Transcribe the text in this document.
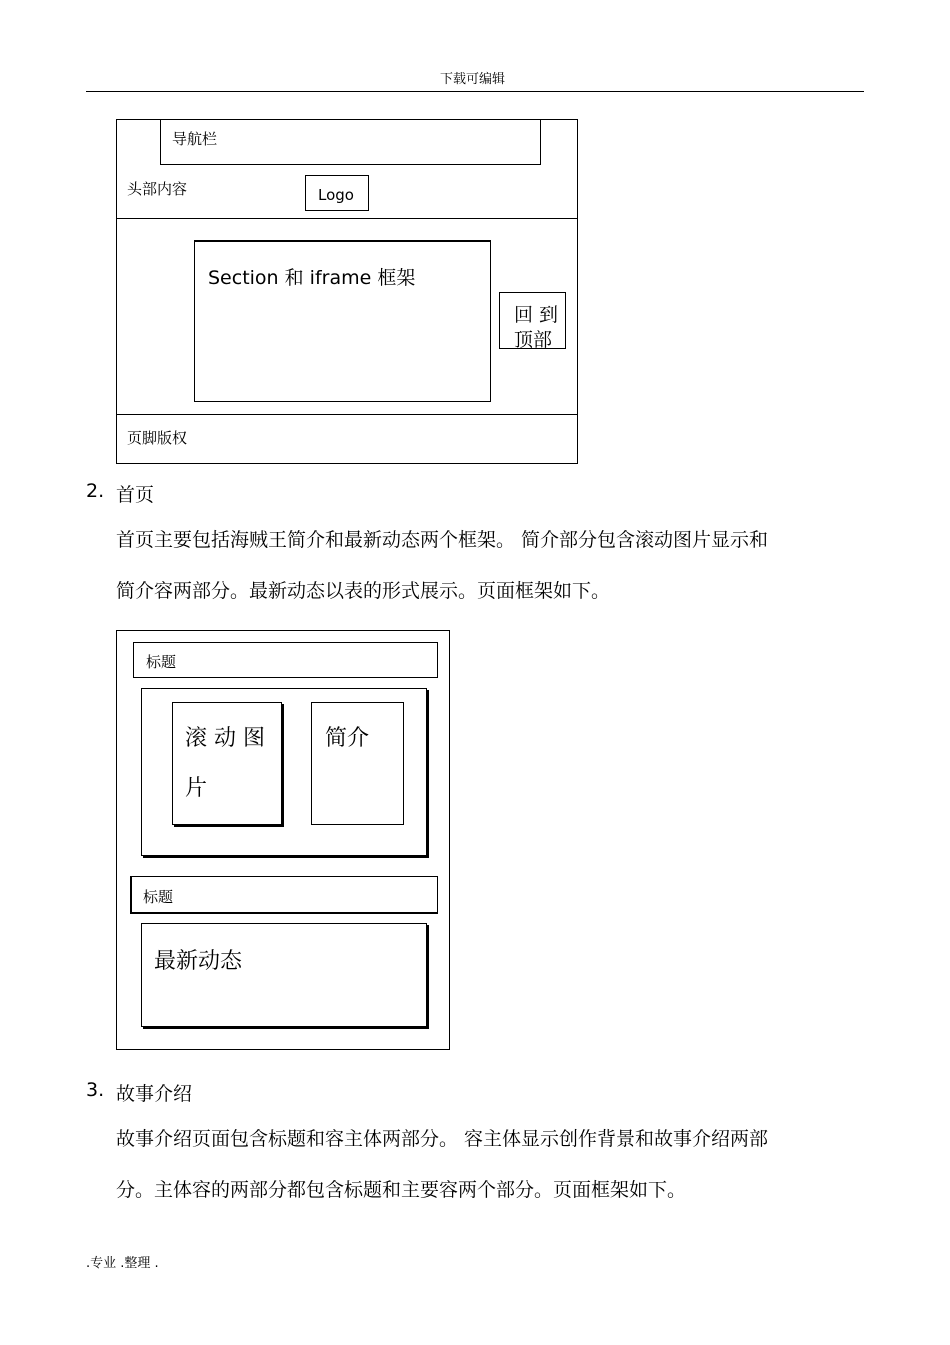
下载可编辑
导航栏
头部内容	Logo
Section 和 iframe 框架
回 到
顶部
页脚版权
2. 首页
首页主要包括海贼王简介和最新动态两个框架。 简介部分包含滚动图片显示和
简介容两部分。最新动态以表的形式展示。页面框架如下。
标题
滚 动 图
片
简介
标题
最新动态
3. 故事介绍
故事介绍页面包含标题和容主体两部分。 容主体显示创作背景和故事介绍两部
分。主体容的两部分都包含标题和主要容两个部分。页面框架如下。
.专业 .整理 .
